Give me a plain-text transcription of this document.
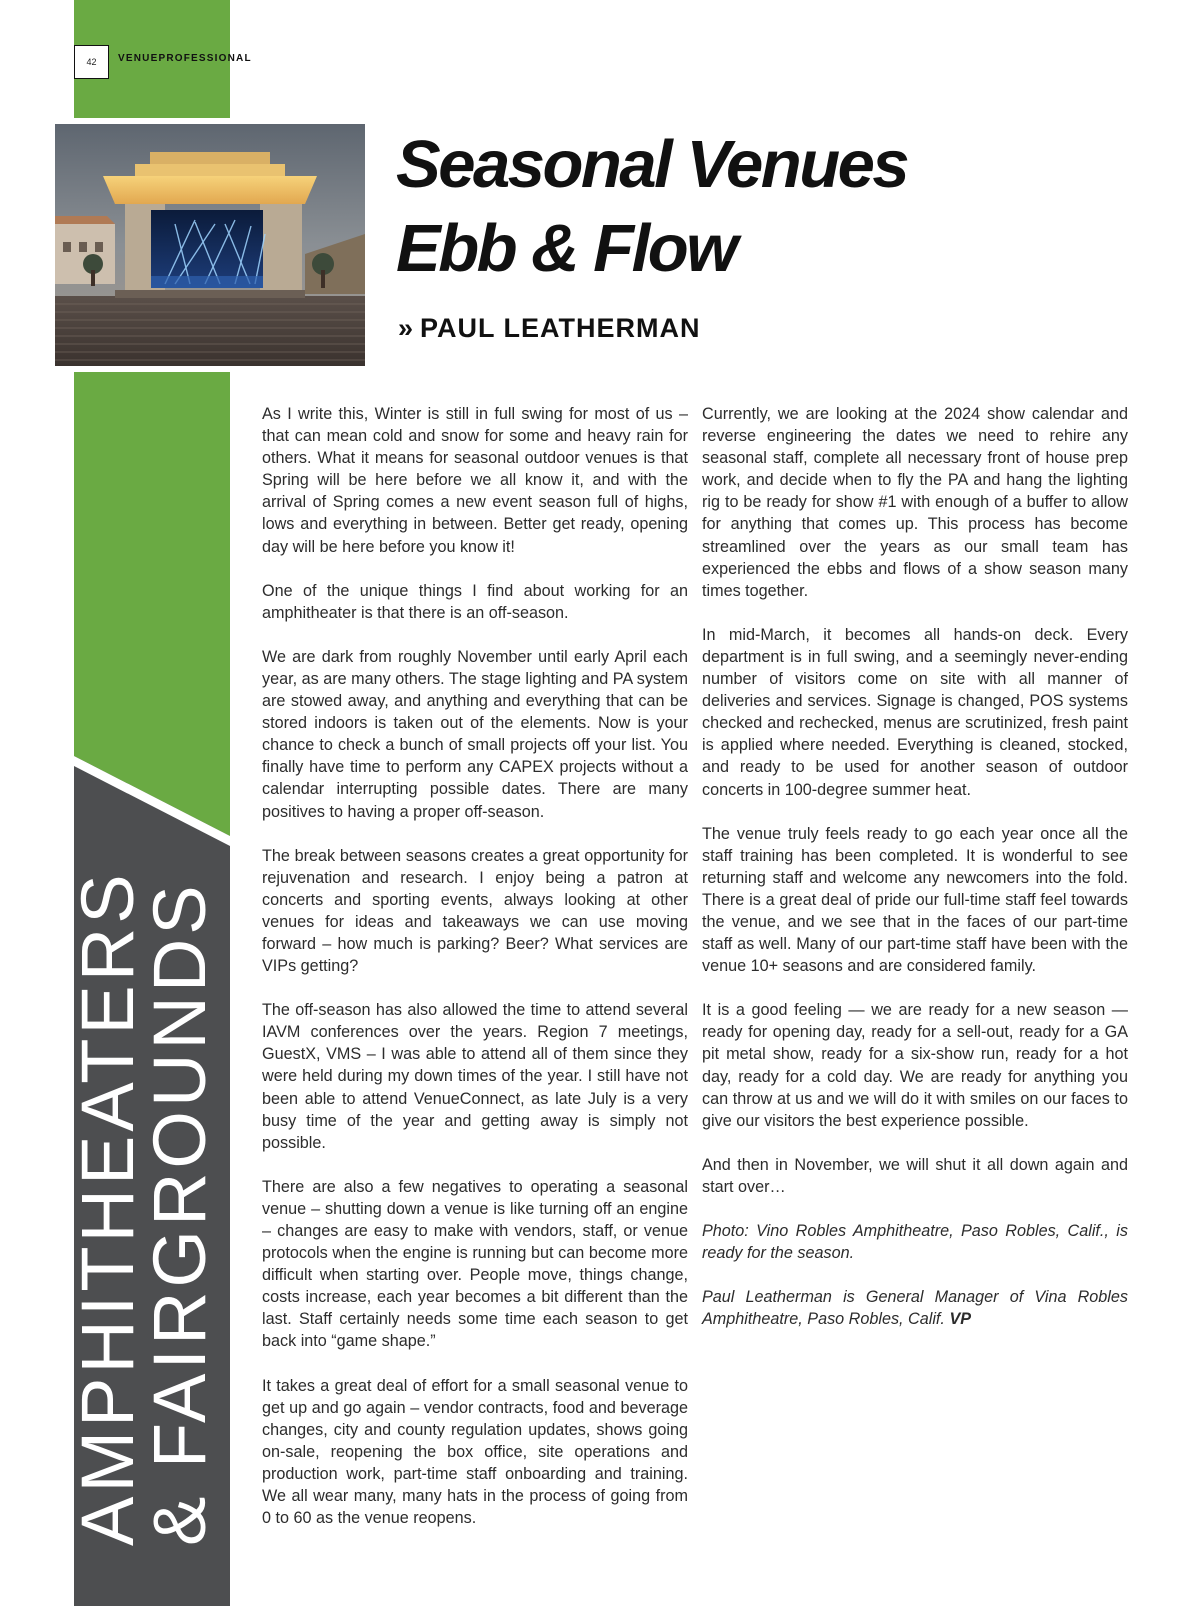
42	VENUEPROFESSIONAL
Seasonal Venues
Ebb & Flow
» PAUL LEATHERMAN
AMPHITHEATERS
& FAIRGROUNDS

As I write this, Winter is still in full swing for most of us – that can mean cold and snow for some and heavy rain for others. What it means for seasonal outdoor venues is that Spring will be here before we all know it, and with the arrival of Spring comes a new event season full of highs, lows and everything in between. Better get ready, opening day will be here before you know it!

One of the unique things I find about working for an amphitheater is that there is an off-season.

We are dark from roughly November until early April each year, as are many others. The stage lighting and PA system are stowed away, and anything and everything that can be stored indoors is taken out of the elements. Now is your chance to check a bunch of small projects off your list. You finally have time to perform any CAPEX projects without a calendar interrupting possible dates. There are many positives to having a proper off-season.

The break between seasons creates a great opportunity for rejuvenation and research. I enjoy being a patron at concerts and sporting events, always looking at other venues for ideas and takeaways we can use moving forward – how much is parking? Beer? What services are VIPs getting?

The off-season has also allowed the time to attend several IAVM conferences over the years. Region 7 meetings, GuestX, VMS – I was able to attend all of them since they were held during my down times of the year. I still have not been able to attend VenueConnect, as late July is a very busy time of the year and getting away is simply not possible.

There are also a few negatives to operating a seasonal venue – shutting down a venue is like turning off an engine – changes are easy to make with vendors, staff, or venue protocols when the engine is running but can become more difficult when starting over. People move, things change, costs increase, each year becomes a bit different than the last. Staff certainly needs some time each season to get back into “game shape.”

It takes a great deal of effort for a small seasonal venue to get up and go again – vendor contracts, food and beverage changes, city and county regulation updates, shows going on-sale, reopening the box office, site operations and production work, part-time staff onboarding and training. We all wear many, many hats in the process of going from 0 to 60 as the venue reopens.

Currently, we are looking at the 2024 show calendar and reverse engineering the dates we need to rehire any seasonal staff, complete all necessary front of house prep work, and decide when to fly the PA and hang the lighting rig to be ready for show #1 with enough of a buffer to allow for anything that comes up. This process has become streamlined over the years as our small team has experienced the ebbs and flows of a show season many times together.

In mid-March, it becomes all hands-on deck. Every department is in full swing, and a seemingly never-ending number of visitors come on site with all manner of deliveries and services. Signage is changed, POS systems checked and rechecked, menus are scrutinized, fresh paint is applied where needed. Everything is cleaned, stocked, and ready to be used for another season of outdoor concerts in 100-degree summer heat.

The venue truly feels ready to go each year once all the staff training has been completed. It is wonderful to see returning staff and welcome any newcomers into the fold. There is a great deal of pride our full-time staff feel towards the venue, and we see that in the faces of our part-time staff as well. Many of our part-time staff have been with the venue 10+ seasons and are considered family.

It is a good feeling — we are ready for a new season — ready for opening day, ready for a sell-out, ready for a GA pit metal show, ready for a six-show run, ready for a hot day, ready for a cold day. We are ready for anything you can throw at us and we will do it with smiles on our faces to give our visitors the best experience possible.

And then in November, we will shut it all down again and start over…

Photo: Vino Robles Amphitheatre, Paso Robles, Calif., is ready for the season.

Paul Leatherman is General Manager of Vina Robles Amphitheatre, Paso Robles, Calif. VP
